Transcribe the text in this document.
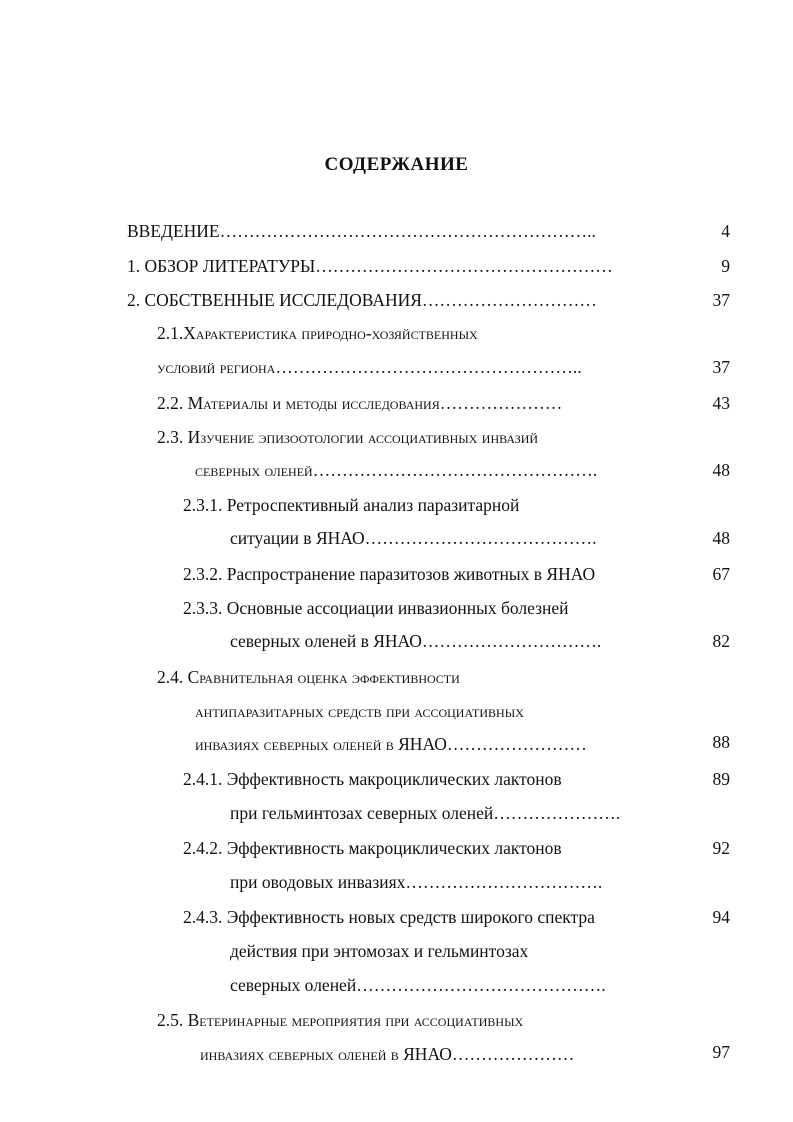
СОДЕРЖАНИЕ
ВВЕДЕНИЕ………………………………………………………..	4
1. ОБЗОР ЛИТЕРАТУРЫ……………………………………………	9
2. СОБСТВЕННЫЕ ИССЛЕДОВАНИЯ…………………………	37
2.1.Характеристика природно-хозяйственных
условий региона……………………………………………..	37
2.2. Материалы и методы исследования…………………	43
2.3. Изучение эпизоотологии ассоциативных инвазий
северных оленей………………………………………….	48
2.3.1. Ретроспективный анализ паразитарной
ситуации в ЯНАО………………………………….	48
2.3.2. Распространение паразитозов животных в ЯНАО	67
2.3.3. Основные ассоциации инвазионных болезней
северных оленей в ЯНАО………………………….	82
2.4. Сравнительная оценка эффективности
антипаразитарных средств при ассоциативных
инвазиях северных оленей в ЯНАО……………………	88
2.4.1. Эффективность макроциклических лактонов	89
при гельминтозах северных оленей………………….
2.4.2. Эффективность макроциклических лактонов	92
при оводовых инвазиях…………………………….
2.4.3. Эффективность новых средств широкого спектра	94
действия при энтомозах и гельминтозах
северных оленей…………………………………….
2.5. Ветеринарные мероприятия при ассоциативных
инвазиях северных оленей в ЯНАО…………………	97
